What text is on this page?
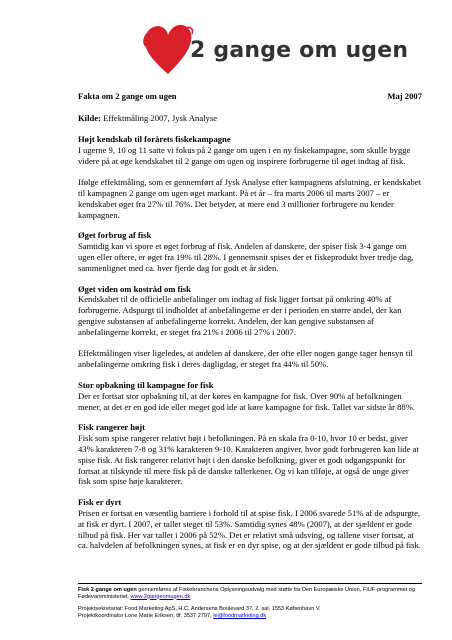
2 gange om ugen
Fakta om 2 gange om ugen	Maj 2007
Kilde: Effektmåling 2007, Jysk Analyse
Højt kendskab til forårets fiskekampagne

I ugerne 9, 10 og 11 satte vi fokus på 2 gange om ugen i en ny fiskekampagne, som skulle bygge videre på at øge kendskabet til 2 gange om ugen og inspirere forbrugerne til øget indtag af fisk.

Ifølge effektmåling, som er gennemført af Jysk Analyse efter kampagnens afslutning, er kendskabet til kampagnen 2 gange om ugen øget markant. På et år – fra marts 2006 til marts 2007 – er kendskabet øget fra 27% til 76%. Det betyder, at mere end 3 millioner forbrugere nu kender kampagnen.

Øget forbrug af fisk

Samtidig kan vi spore et øget forbrug af fisk. Andelen af danskere, der spiser fisk 3-4 gange om ugen eller oftere, er øget fra 19% til 28%. I gennemsnit spises der et fiskeprodukt hver tredje dag, sammenlignet med ca. hver fjerde dag for godt et år siden.

Øget viden om kostråd om fisk

Kendskabet til de officielle anbefalinger om indtag af fisk ligger fortsat på omkring 40% af forbrugerne. Adspurgt til indholdet af anbefalingerne er der i perioden en større andel, der kan gengive substansen af anbefalingerne korrekt. Andelen, der kan gengive substansen af anbefalingerne korrekt, er steget fra 21% i 2006 til 27% i 2007.

Effektmålingen viser ligeledes, at andelen af danskere, der ofte eller nogen gange tager hensyn til anbefalingerne omkring fisk i deres dagligdag, er steget fra 44% til 50%.

Stor opbakning til kampagne for fisk

Der er fortsat stor opbakning til, at der køres en kampagne for fisk. Over 90% af befolkningen mener, at det er en god ide eller meget god ide at køre kampagne for fisk. Tallet var sidste år 88%.

Fisk rangerer højt

Fisk som spise rangerer relativt højt i befolkningen. På en skala fra 0-10, hvor 10 er bedst, giver 43% karakteren 7-8 og 31% karakteren 9-10. Karakteren angiver, hvor godt forbrugeren kan lide at spise fisk. At fisk rangerer relativt højt i den danske befolkning, giver et godt udgangspunkt for fortsat at tilskynde til mere fisk på de danske tallerkener. Og vi kan tilføje, at også de unge giver fisk som spise høje karakterer.

Fisk er dyrt

Prisen er fortsat en væsentlig barriere i forhold til at spise fisk. I 2006 svarede 51% af de adspurgte, at fisk er dyrt. I 2007, er tallet steget til 53%. Samtidig synes 48% (2007), at der sjældent er gode tilbud på fisk. Her var tallet i 2006 på 52%. Det er relativt små udsving, og tallene viser fortsat, at ca. halvdelen af befolkningen synes, at fisk er en dyr spise, og at der sjældent er gode tilbud på fisk.

Fisk 2 gange om ugen gennemføres af Fiskebranchens Oplysningsudvalg med støtte fra Den Europæiske Union, FIUF-programmet og Fødevareministeriet. www.2gangeomugen.dk
Projektsekretariat: Food Marketing ApS, H.C. Andersens Boulevard 37, 2. sal, 1553 København V.
Projektkoordinator Lone Marie Eriksen, tlf. 3537 2797, le@foodmarketing.dk
